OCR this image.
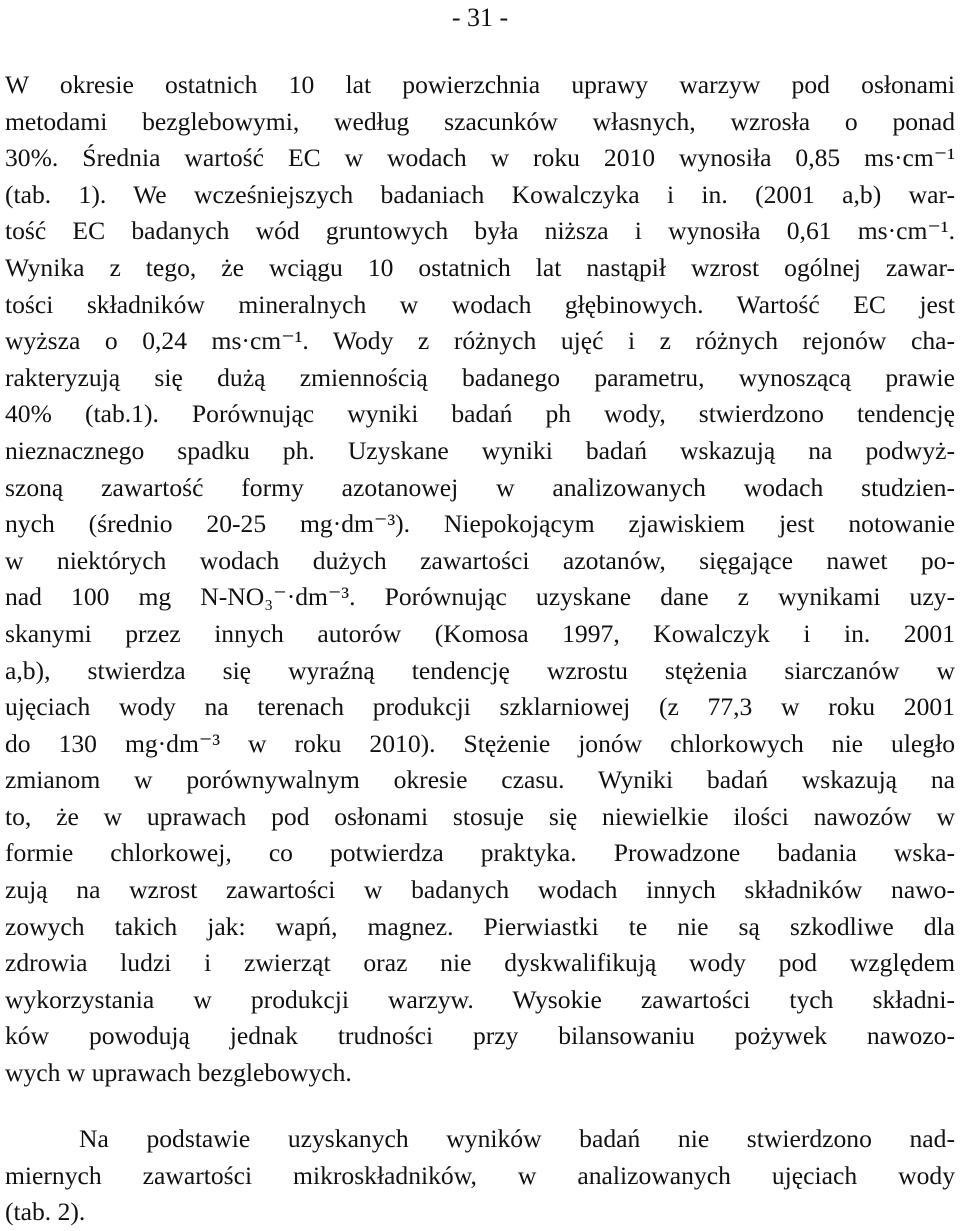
- 31 -
W okresie ostatnich 10 lat powierzchnia uprawy warzyw pod osłonami
metodami bezglebowymi, według szacunków własnych, wzrosła o ponad
30%. Średnia wartość EC w wodach w roku 2010 wynosiła 0,85 ms·cm⁻¹
(tab. 1). We wcześniejszych badaniach Kowalczyka i in. (2001 a,b) war-
tość EC badanych wód gruntowych była niższa i wynosiła 0,61 ms·cm⁻¹.
Wynika z tego, że wciągu 10 ostatnich lat nastąpił wzrost ogólnej zawar-
tości składników mineralnych w wodach głębinowych. Wartość EC jest
wyższa o 0,24 ms·cm⁻¹. Wody z różnych ujęć i z różnych rejonów cha-
rakteryzują się dużą zmiennością badanego parametru, wynoszącą prawie
40% (tab.1). Porównując wyniki badań ph wody, stwierdzono tendencję
nieznacznego spadku ph. Uzyskane wyniki badań wskazują na podwyż-
szoną zawartość formy azotanowej w analizowanych wodach studzien-
nych (średnio 20-25 mg·dm⁻³). Niepokojącym zjawiskiem jest notowanie
w niektórych wodach dużych zawartości azotanów, sięgające nawet po-
nad 100 mg N-NO₃⁻·dm⁻³. Porównując uzyskane dane z wynikami uzy-
skanymi przez innych autorów (Komosa 1997, Kowalczyk i in. 2001
a,b), stwierdza się wyraźną tendencję wzrostu stężenia siarczanów w
ujęciach wody na terenach produkcji szklarniowej (z 77,3 w roku 2001
do 130 mg·dm⁻³ w roku 2010). Stężenie jonów chlorkowych nie uległo
zmianom w porównywalnym okresie czasu. Wyniki badań wskazują na
to, że w uprawach pod osłonami stosuje się niewielkie ilości nawozów w
formie chlorkowej, co potwierdza praktyka. Prowadzone badania wska-
zują na wzrost zawartości w badanych wodach innych składników nawo-
zowych takich jak: wapń, magnez. Pierwiastki te nie są szkodliwe dla
zdrowia ludzi i zwierząt oraz nie dyskwalifikują wody pod względem
wykorzystania w produkcji warzyw. Wysokie zawartości tych składni-
ków powodują jednak trudności przy bilansowaniu pożywek nawozo-
wych w uprawach bezglebowych.
Na podstawie uzyskanych wyników badań nie stwierdzono nad-
miernych zawartości mikroskładników, w analizowanych ujęciach wody
(tab. 2).
